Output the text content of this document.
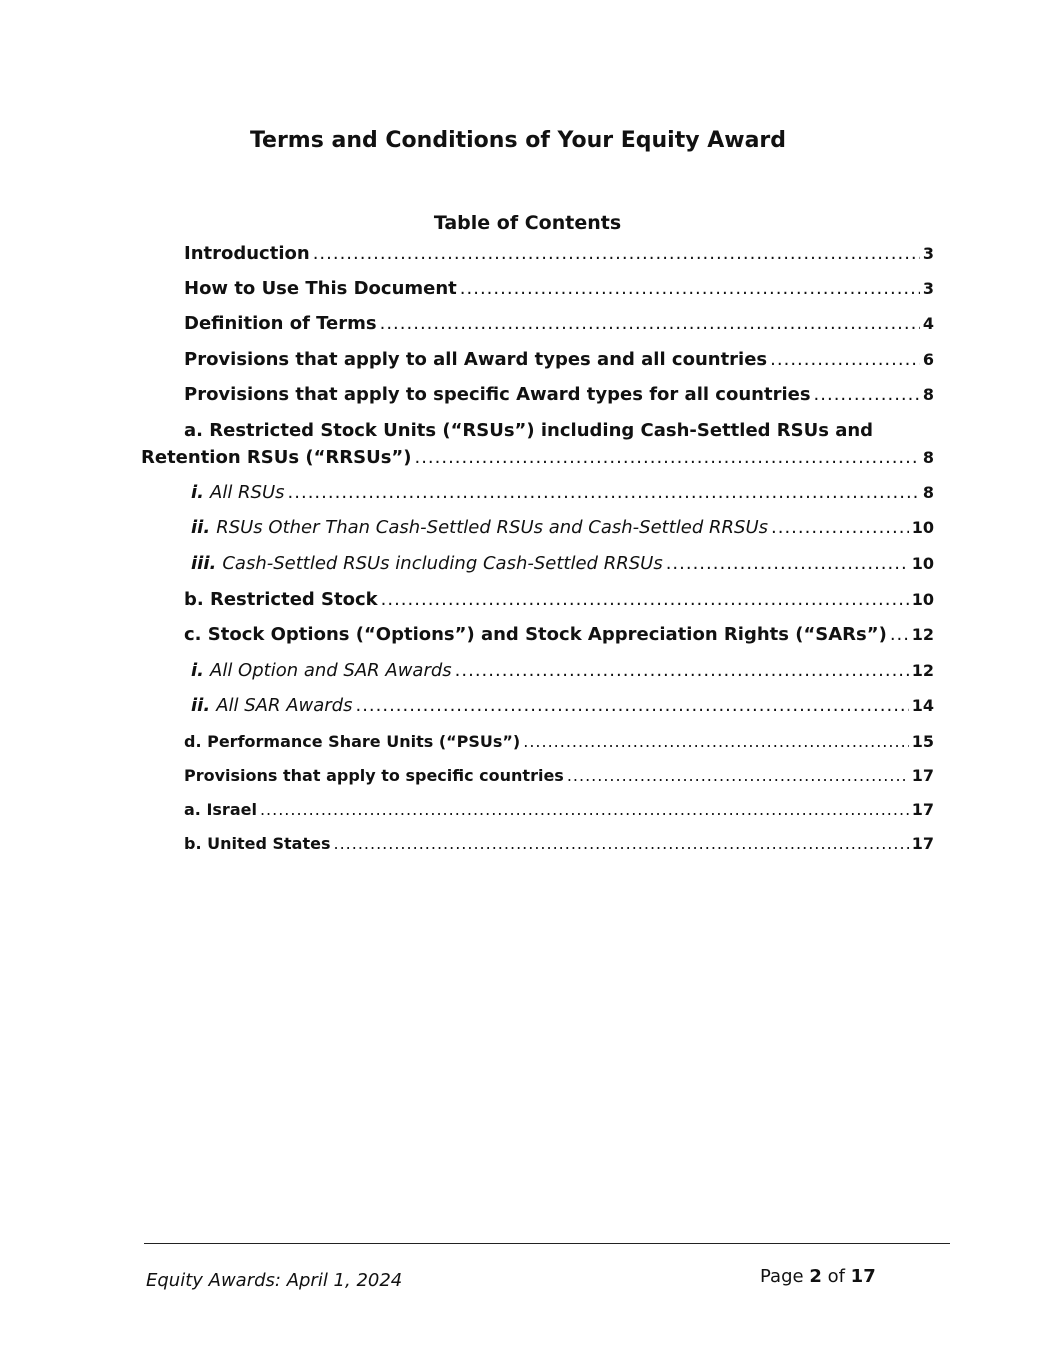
Terms and Conditions of Your Equity Award
Table of Contents
Introduction .....	3
How to Use This Document .....	3
Definition of Terms .....	4
Provisions that apply to all Award types and all countries .....	6
Provisions that apply to specific Award types for all countries .....	8
a. Restricted Stock Units (“RSUs”) including Cash-Settled RSUs and
Retention RSUs (“RRSUs”) .....	8
i. All RSUs .....	8
ii. RSUs Other Than Cash-Settled RSUs and Cash-Settled RRSUs .....	10
iii. Cash-Settled RSUs including Cash-Settled RRSUs .....	10
b. Restricted Stock .....	10
c. Stock Options (“Options”) and Stock Appreciation Rights (“SARs”) ..... 12
i. All Option and SAR Awards .....	12
ii. All SAR Awards .....	14
d. Performance Share Units (“PSUs”) .....	15
Provisions that apply to specific countries .....	17
a. Israel .....	17
b. United States .....	17
Equity Awards: April 1, 2024	Page 2 of 17
